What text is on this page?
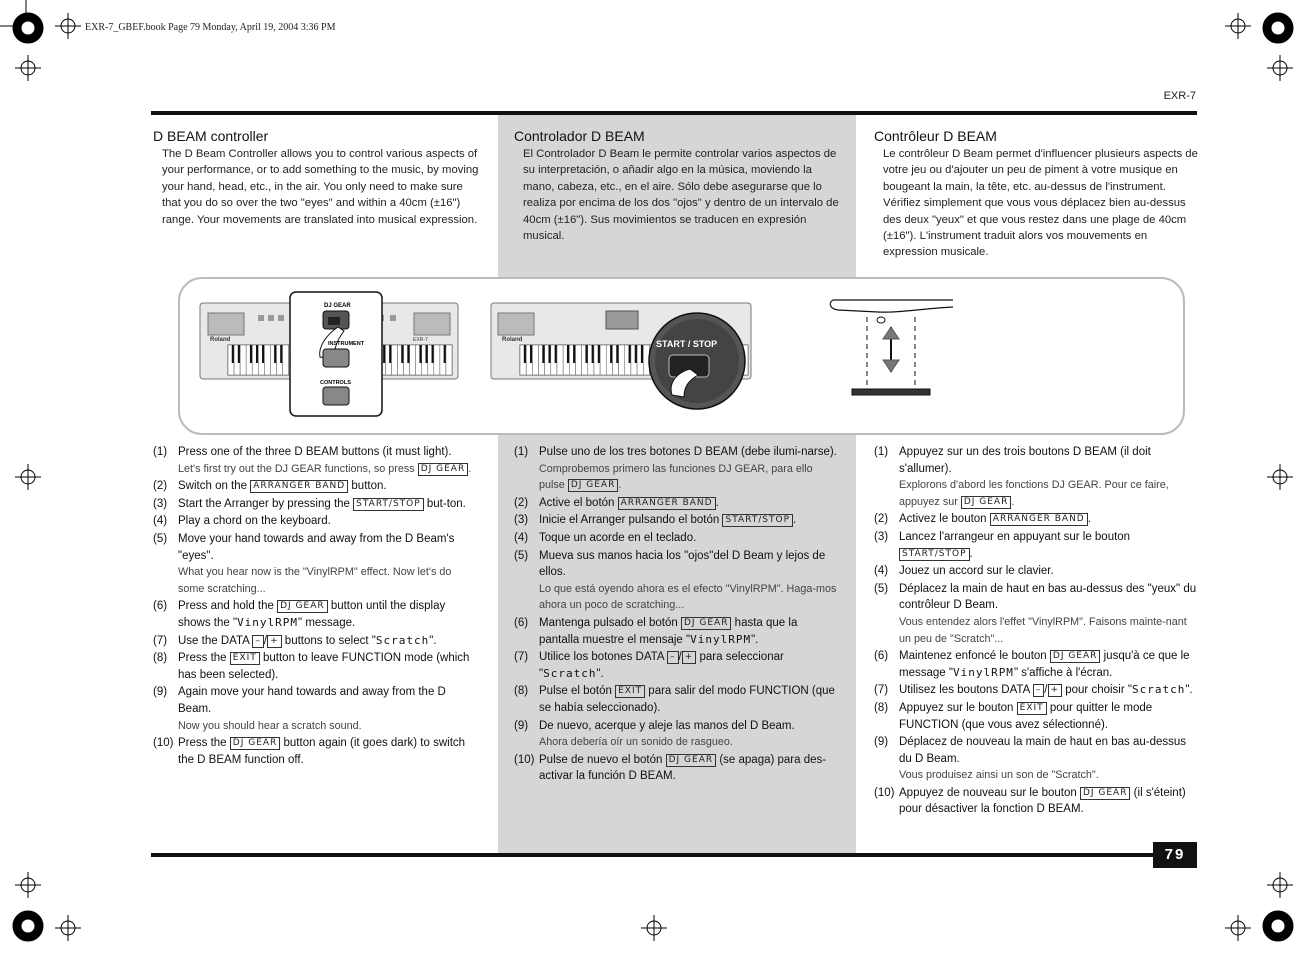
EXR-7_GBEF.book Page 79 Monday, April 19, 2004 3:36 PM
EXR-7
D BEAM controller
The D Beam Controller allows you to control various aspects of your performance, or to add something to the music, by moving your hand, head, etc., in the air. You only need to make sure that you do so over the two "eyes" and within a 40cm (±16") range. Your movements are translated into musical expression.
Controlador D BEAM
El Controlador D Beam le permite controlar varios aspectos de su interpretación, o añadir algo en la música, moviendo la mano, cabeza, etc., en el aire. Sólo debe asegurarse que lo realiza por encima de los dos "ojos" y dentro de un intervalo de 40cm (±16"). Sus movimientos se traducen en expresión musical.
Contrôleur D BEAM
Le contrôleur D Beam permet d'influencer plusieurs aspects de votre jeu ou d'ajouter un peu de piment à votre musique en bougeant la main, la tête, etc. au-dessus de l'instrument. Vérifiez simplement que vous vous déplacez bien au-dessus des deux "yeux" et que vous restez dans une plage de 40cm (±16"). L'instrument traduit alors vos mouvements en expression musicale.
Roland	EXR-7
DJ GEAR
INSTRUMENT
CONTROLS
Roland	START / STOP
(1) Press one of the three D BEAM buttons (it must light).
Let's first try out the DJ GEAR functions, so press DJ GEAR .
(2) Switch on the ARRANGER BAND button.
(3) Start the Arranger by pressing the START/STOP but-ton.
(4) Play a chord on the keyboard.
(5) Move your hand towards and away from the D Beam's "eyes".
What you hear now is the "VinylRPM" effect. Now let's do some scratching...
(6) Press and hold the DJ GEAR button until the display shows the "VinylRPM" message.
(7) Use the DATA – / + buttons to select "Scratch".
(8) Press the EXIT button to leave FUNCTION mode (which has been selected).
(9) Again move your hand towards and away from the D Beam.
Now you should hear a scratch sound.
(10) Press the DJ GEAR button again (it goes dark) to switch the D BEAM function off.
(1) Pulse uno de los tres botones D BEAM (debe ilumi-narse).
Comprobemos primero las funciones DJ GEAR, para ello pulse DJ GEAR .
(2) Active el botón ARRANGER BAND .
(3) Inicie el Arranger pulsando el botón START/STOP .
(4) Toque un acorde en el teclado.
(5) Mueva sus manos hacia los "ojos"del D Beam y lejos de ellos.
Lo que está oyendo ahora es el efecto "VinylRPM". Haga-mos ahora un poco de scratching...
(6) Mantenga pulsado el botón DJ GEAR hasta que la pantalla muestre el mensaje "VinylRPM".
(7) Utilice los botones DATA – / + para seleccionar "Scratch".
(8) Pulse el botón EXIT para salir del modo FUNCTION (que se había seleccionado).
(9) De nuevo, acerque y aleje las manos del D Beam.
Ahora debería oír un sonido de rasgueo.
(10) Pulse de nuevo el botón DJ GEAR (se apaga) para des-activar la función D BEAM.
(1) Appuyez sur un des trois boutons D BEAM (il doit s'allumer).
Explorons d'abord les fonctions DJ GEAR. Pour ce faire, appuyez sur DJ GEAR .
(2) Activez le bouton ARRANGER BAND .
(3) Lancez l'arrangeur en appuyant sur le bouton START/STOP .
(4) Jouez un accord sur le clavier.
(5) Déplacez la main de haut en bas au-dessus des "yeux" du contrôleur D Beam.
Vous entendez alors l'effet "VinylRPM". Faisons mainte-nant un peu de "Scratch"...
(6) Maintenez enfoncé le bouton DJ GEAR jusqu'à ce que le message "VinylRPM" s'affiche à l'écran.
(7) Utilisez les boutons DATA – / + pour choisir "Scratch".
(8) Appuyez sur le bouton EXIT pour quitter le mode FUNCTION (que vous avez sélectionné).
(9) Déplacez de nouveau la main de haut en bas au-dessus du D Beam.
Vous produisez ainsi un son de "Scratch".
(10) Appuyez de nouveau sur le bouton DJ GEAR (il s'éteint) pour désactiver la fonction D BEAM.
79
